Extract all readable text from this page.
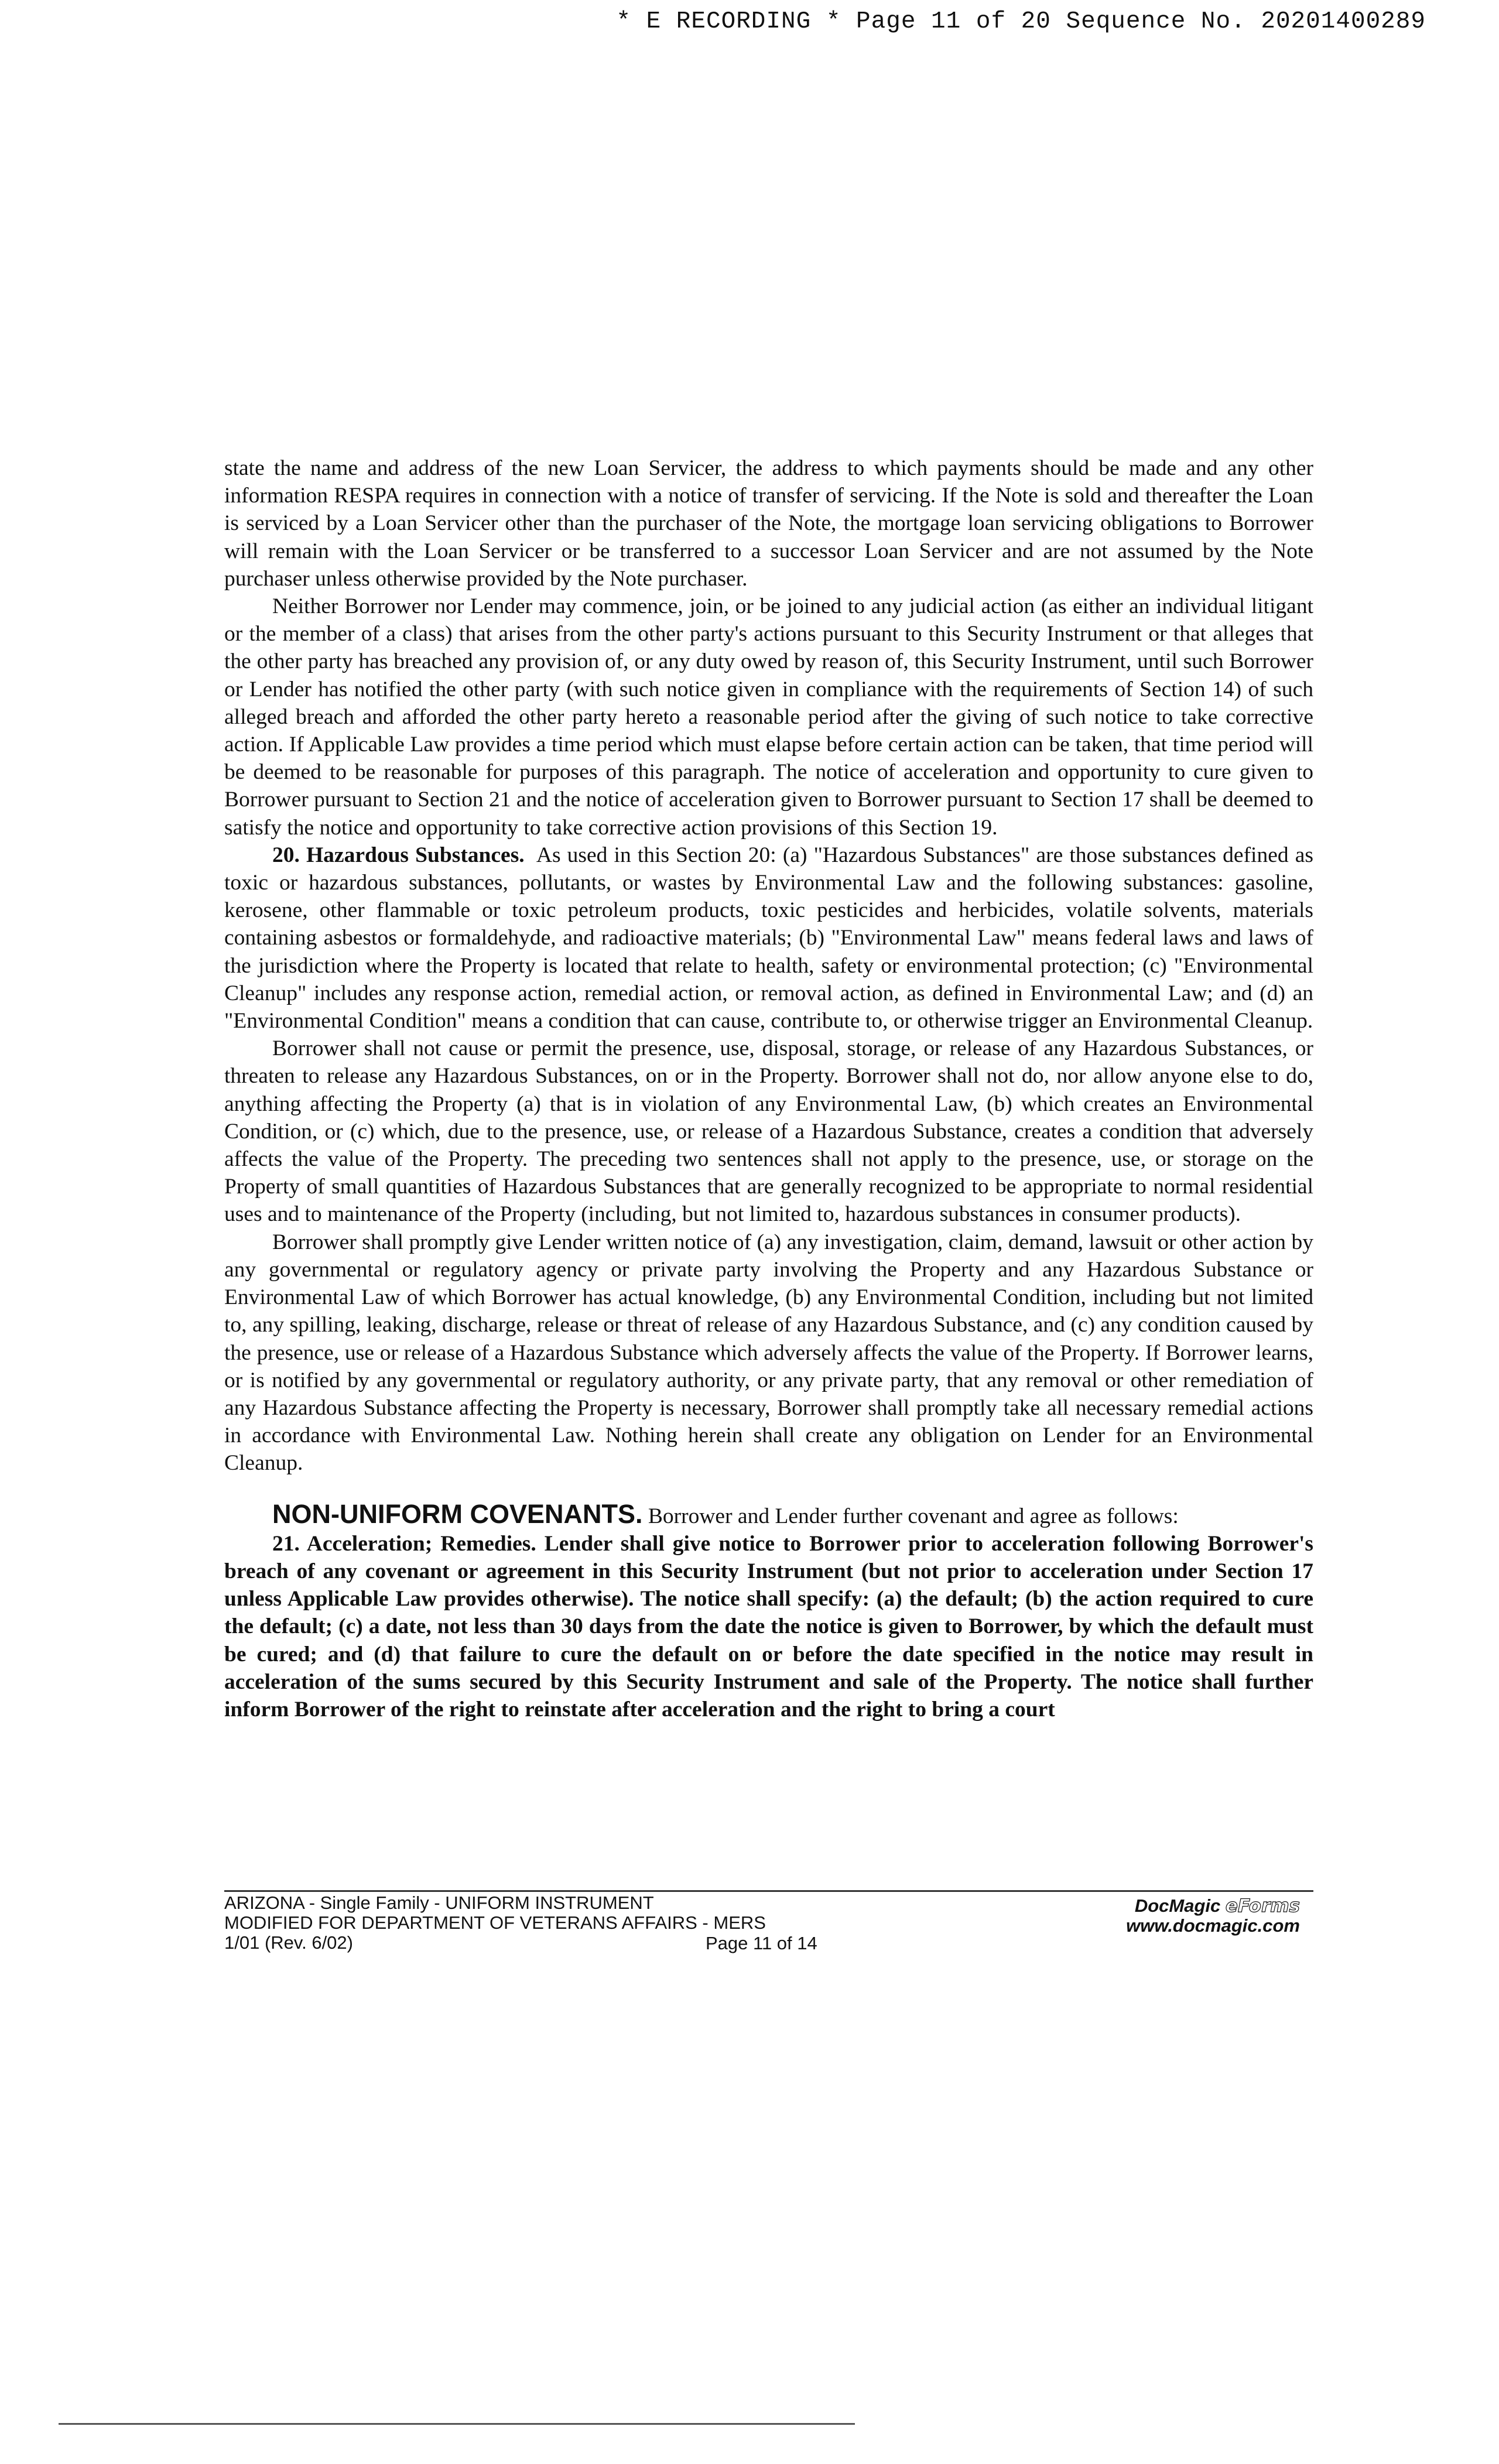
* E RECORDING * Page 11 of 20 Sequence No. 20201400289

state the name and address of the new Loan Servicer, the address to which payments should be made and any other information RESPA requires in connection with a notice of transfer of servicing. If the Note is sold and thereafter the Loan is serviced by a Loan Servicer other than the purchaser of the Note, the mortgage loan servicing obligations to Borrower will remain with the Loan Servicer or be transferred to a successor Loan Servicer and are not assumed by the Note purchaser unless otherwise provided by the Note purchaser.

Neither Borrower nor Lender may commence, join, or be joined to any judicial action (as either an individual litigant or the member of a class) that arises from the other party's actions pursuant to this Security Instrument or that alleges that the other party has breached any provision of, or any duty owed by reason of, this Security Instrument, until such Borrower or Lender has notified the other party (with such notice given in compliance with the requirements of Section 14) of such alleged breach and afforded the other party hereto a reasonable period after the giving of such notice to take corrective action. If Applicable Law provides a time period which must elapse before certain action can be taken, that time period will be deemed to be reasonable for purposes of this paragraph. The notice of acceleration and opportunity to cure given to Borrower pursuant to Section 21 and the notice of acceleration given to Borrower pursuant to Section 17 shall be deemed to satisfy the notice and opportunity to take corrective action provisions of this Section 19.

20. Hazardous Substances. As used in this Section 20: (a) "Hazardous Substances" are those substances defined as toxic or hazardous substances, pollutants, or wastes by Environmental Law and the following substances: gasoline, kerosene, other flammable or toxic petroleum products, toxic pesticides and herbicides, volatile solvents, materials containing asbestos or formaldehyde, and radioactive materials; (b) "Environmental Law" means federal laws and laws of the jurisdiction where the Property is located that relate to health, safety or environmental protection; (c) "Environmental Cleanup" includes any response action, remedial action, or removal action, as defined in Environmental Law; and (d) an "Environmental Condition" means a condition that can cause, contribute to, or otherwise trigger an Environmental Cleanup.

Borrower shall not cause or permit the presence, use, disposal, storage, or release of any Hazardous Substances, or threaten to release any Hazardous Substances, on or in the Property. Borrower shall not do, nor allow anyone else to do, anything affecting the Property (a) that is in violation of any Environmental Law, (b) which creates an Environmental Condition, or (c) which, due to the presence, use, or release of a Hazardous Substance, creates a condition that adversely affects the value of the Property. The preceding two sentences shall not apply to the presence, use, or storage on the Property of small quantities of Hazardous Substances that are generally recognized to be appropriate to normal residential uses and to maintenance of the Property (including, but not limited to, hazardous substances in consumer products).

Borrower shall promptly give Lender written notice of (a) any investigation, claim, demand, lawsuit or other action by any governmental or regulatory agency or private party involving the Property and any Hazardous Substance or Environmental Law of which Borrower has actual knowledge, (b) any Environmental Condition, including but not limited to, any spilling, leaking, discharge, release or threat of release of any Hazardous Substance, and (c) any condition caused by the presence, use or release of a Hazardous Substance which adversely affects the value of the Property. If Borrower learns, or is notified by any governmental or regulatory authority, or any private party, that any removal or other remediation of any Hazardous Substance affecting the Property is necessary, Borrower shall promptly take all necessary remedial actions in accordance with Environmental Law. Nothing herein shall create any obligation on Lender for an Environmental Cleanup.

NON-UNIFORM COVENANTS. Borrower and Lender further covenant and agree as follows:

21. Acceleration; Remedies. Lender shall give notice to Borrower prior to acceleration following Borrower's breach of any covenant or agreement in this Security Instrument (but not prior to acceleration under Section 17 unless Applicable Law provides otherwise). The notice shall specify: (a) the default; (b) the action required to cure the default; (c) a date, not less than 30 days from the date the notice is given to Borrower, by which the default must be cured; and (d) that failure to cure the default on or before the date specified in the notice may result in acceleration of the sums secured by this Security Instrument and sale of the Property. The notice shall further inform Borrower of the right to reinstate after acceleration and the right to bring a court

ARIZONA - Single Family - UNIFORM INSTRUMENT
MODIFIED FOR DEPARTMENT OF VETERANS AFFAIRS - MERS
1/01 (Rev. 6/02)	Page 11 of 14
DocMagic eForms
www.docmagic.com
